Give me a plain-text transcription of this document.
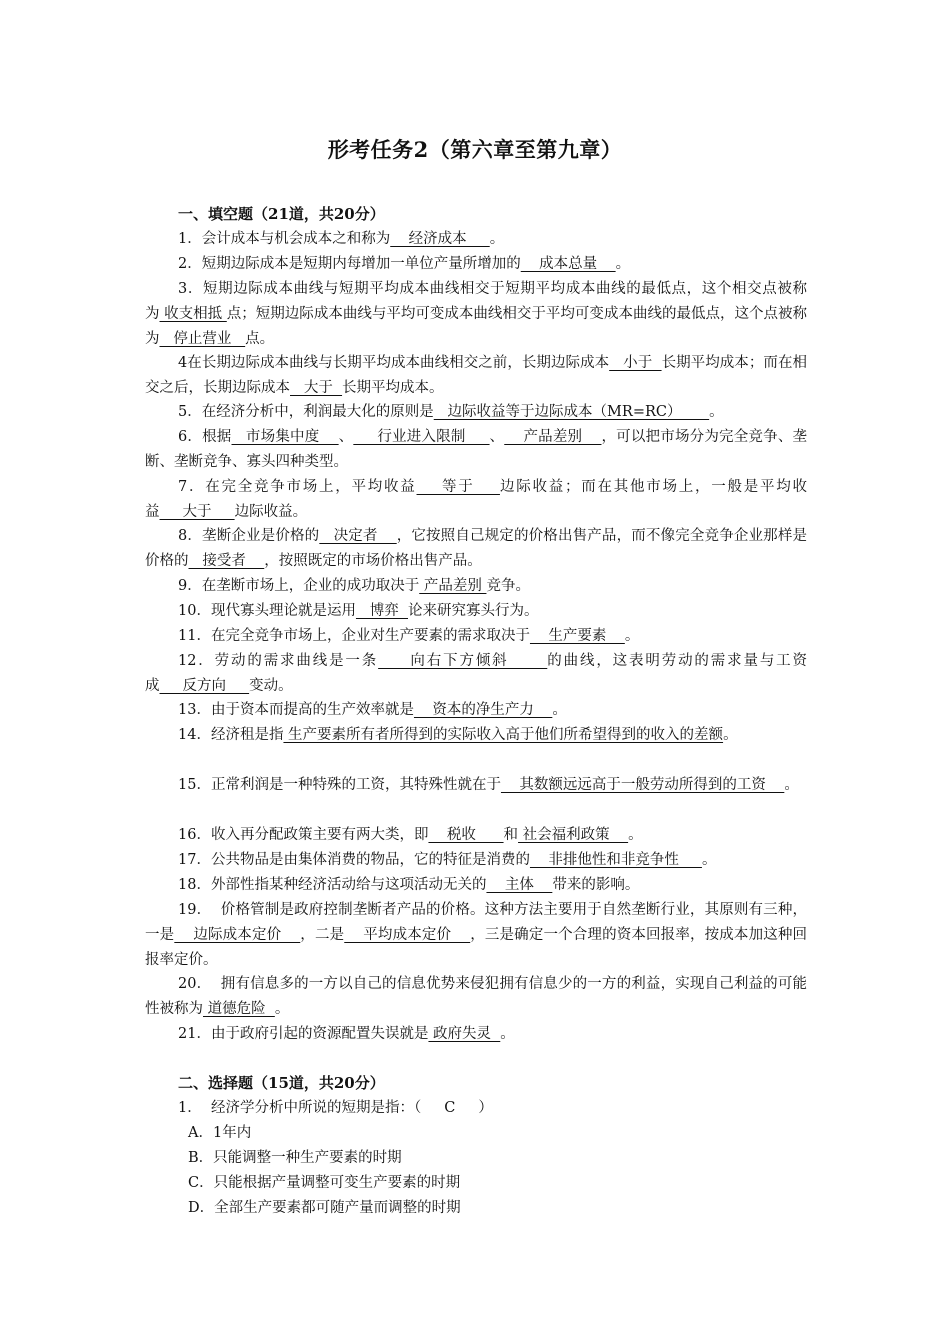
形考任务2（第六章至第九章）
一、填空题（21道，共20分）
1．会计成本与机会成本之和称为    经济成本     。
2．短期边际成本是短期内每增加一单位产量所增加的    成本总量    。
3．短期边际成本曲线与短期平均成本曲线相交于短期平均成本曲线的最低点，这个相交点被称为 收支相抵 点；短期边际成本曲线与平均可变成本曲线相交于平均可变成本曲线的最低点，这个点被称为   停止营业   点。
4在长期边际成本曲线与长期平均成本曲线相交之前，长期边际成本   小于  长期平均成本；而在相交之后，长期边际成本   大于  长期平均成本。
5．在经济分析中，利润最大化的原则是   边际收益等于边际成本（MR=RC）      。
6．根据   市场集中度    、     行业进入限制     、    产品差别    ，可以把市场分为完全竞争、垄断、垄断竞争、寡头四种类型。
7．在完全竞争市场上，平均收益    等于    边际收益；而在其他市场上，一般是平均收益     大于     边际收益。
8．垄断企业是价格的   决定者    ，它按照自己规定的价格出售产品，而不像完全竞争企业那样是价格的   接受者    ，按照既定的市场价格出售产品。
9．在垄断市场上，企业的成功取决于 产品差别 竞争。
10．现代寡头理论就是运用   博弈  论来研究寡头行为。
11．在完全竞争市场上，企业对生产要素的需求取决于    生产要素    。
12．劳动的需求曲线是一条     向右下方倾斜      的曲线，这表明劳动的需求量与工资成     反方向     变动。
13．由于资本而提高的生产效率就是    资本的净生产力    。
14．经济租是指 生产要素所有者所得到的实际收入高于他们所希望得到的收入的差额。
15．正常利润是一种特殊的工资，其特殊性就在于    其数额远远高于一般劳动所得到的工资    。
16．收入再分配政策主要有两大类，即    税收      和 社会福利政策    。
17．公共物品是由集体消费的物品，它的特征是消费的    非排他性和非竞争性     。
18．外部性指某种经济活动给与这项活动无关的    主体    带来的影响。
19．  价格管制是政府控制垄断者产品的价格。这种方法主要用于自然垄断行业，其原则有三种，一是    边际成本定价    ，二是    平均成本定价    ，三是确定一个合理的资本回报率，按成本加这种回报率定价。
20．  拥有信息多的一方以自己的信息优势来侵犯拥有信息少的一方的利益，实现自己利益的可能性被称为 道德危险  。
21．由于政府引起的资源配置失误就是 政府失灵  。
二、选择题（15道，共20分）
1．  经济学分析中所说的短期是指：（     C     ）
A．1年内
B．只能调整一种生产要素的时期
C．只能根据产量调整可变生产要素的时期
D．全部生产要素都可随产量而调整的时期
